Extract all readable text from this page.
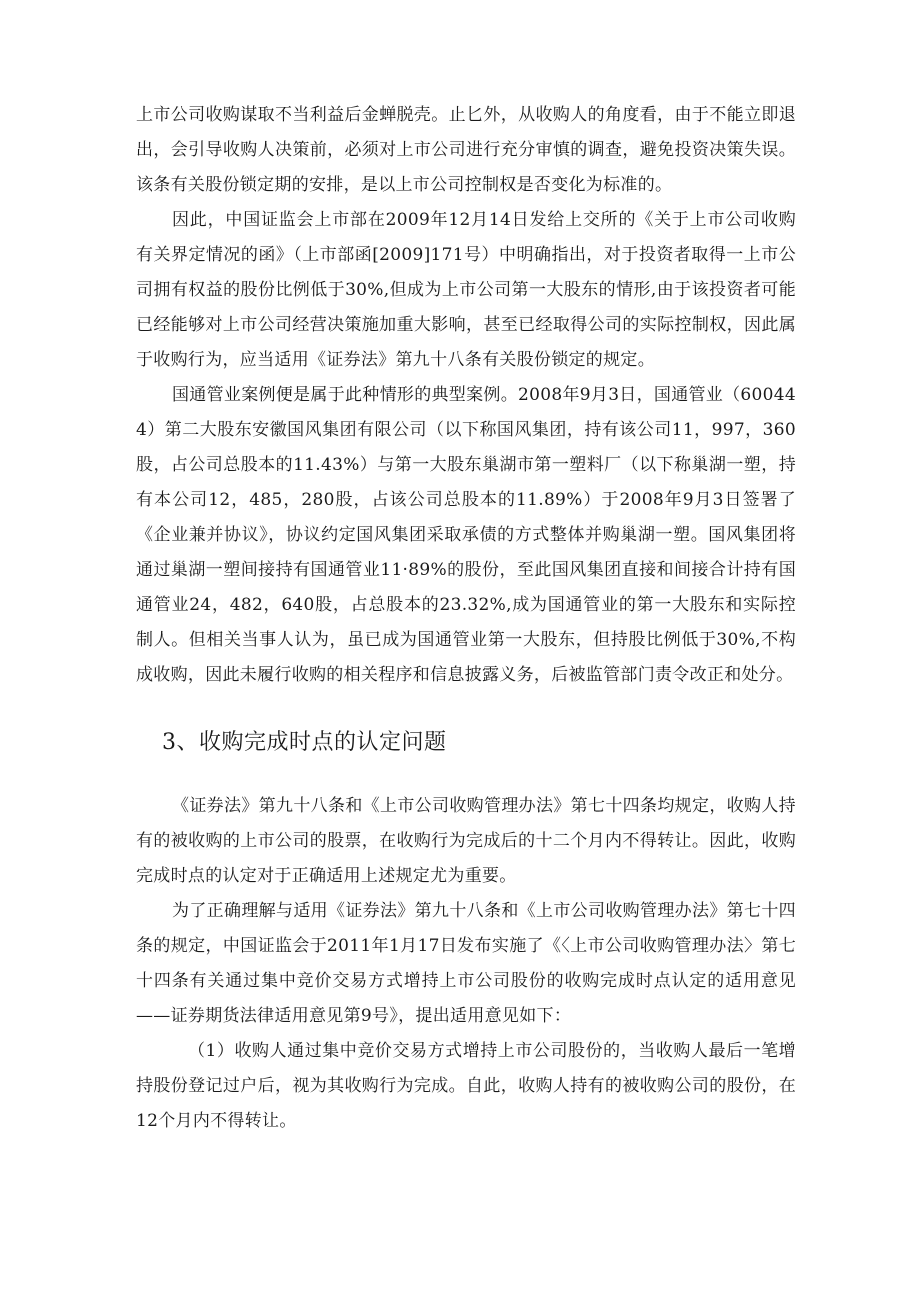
上市公司收购谋取不当利益后金蝉脱壳。止匕外，从收购人的角度看，由于不能立即退出，会引导收购人决策前，必须对上市公司进行充分审慎的调查，避免投资决策失误。该条有关股份锁定期的安排，是以上市公司控制权是否变化为标准的。

因此，中国证监会上市部在2009年12月14日发给上交所的《关于上市公司收购有关界定情况的函》（上市部函[2009]171号）中明确指出，对于投资者取得一上市公司拥有权益的股份比例低于30%,但成为上市公司第一大股东的情形,由于该投资者可能已经能够对上市公司经营决策施加重大影响，甚至已经取得公司的实际控制权，因此属于收购行为，应当适用《证券法》第九十八条有关股份锁定的规定。

国通管业案例便是属于此种情形的典型案例。2008年9月3日，国通管业（600444）第二大股东安徽国风集团有限公司（以下称国风集团，持有该公司11，997，360股，占公司总股本的11.43%）与第一大股东巢湖市第一塑料厂（以下称巢湖一塑，持有本公司12，485，280股，占该公司总股本的11.89%）于2008年9月3日签署了《企业兼并协议》，协议约定国风集团采取承债的方式整体并购巢湖一塑。国风集团将通过巢湖一塑间接持有国通管业11·89%的股份，至此国风集团直接和间接合计持有国通管业24，482，640股，占总股本的23.32%,成为国通管业的第一大股东和实际控制人。但相关当事人认为，虽已成为国通管业第一大股东，但持股比例低于30%,不构成收购，因此未履行收购的相关程序和信息披露义务，后被监管部门责令改正和处分。

3、收购完成时点的认定问题

《证券法》第九十八条和《上市公司收购管理办法》第七十四条均规定，收购人持有的被收购的上市公司的股票，在收购行为完成后的十二个月内不得转让。因此，收购完成时点的认定对于正确适用上述规定尤为重要。

为了正确理解与适用《证券法》第九十八条和《上市公司收购管理办法》第七十四条的规定，中国证监会于2011年1月17日发布实施了《〈上市公司收购管理办法〉第七十四条有关通过集中竞价交易方式增持上市公司股份的收购完成时点认定的适用意见——证券期货法律适用意见第9号》，提出适用意见如下：

（1）收购人通过集中竞价交易方式增持上市公司股份的，当收购人最后一笔增持股份登记过户后，视为其收购行为完成。自此，收购人持有的被收购公司的股份，在12个月内不得转让。
